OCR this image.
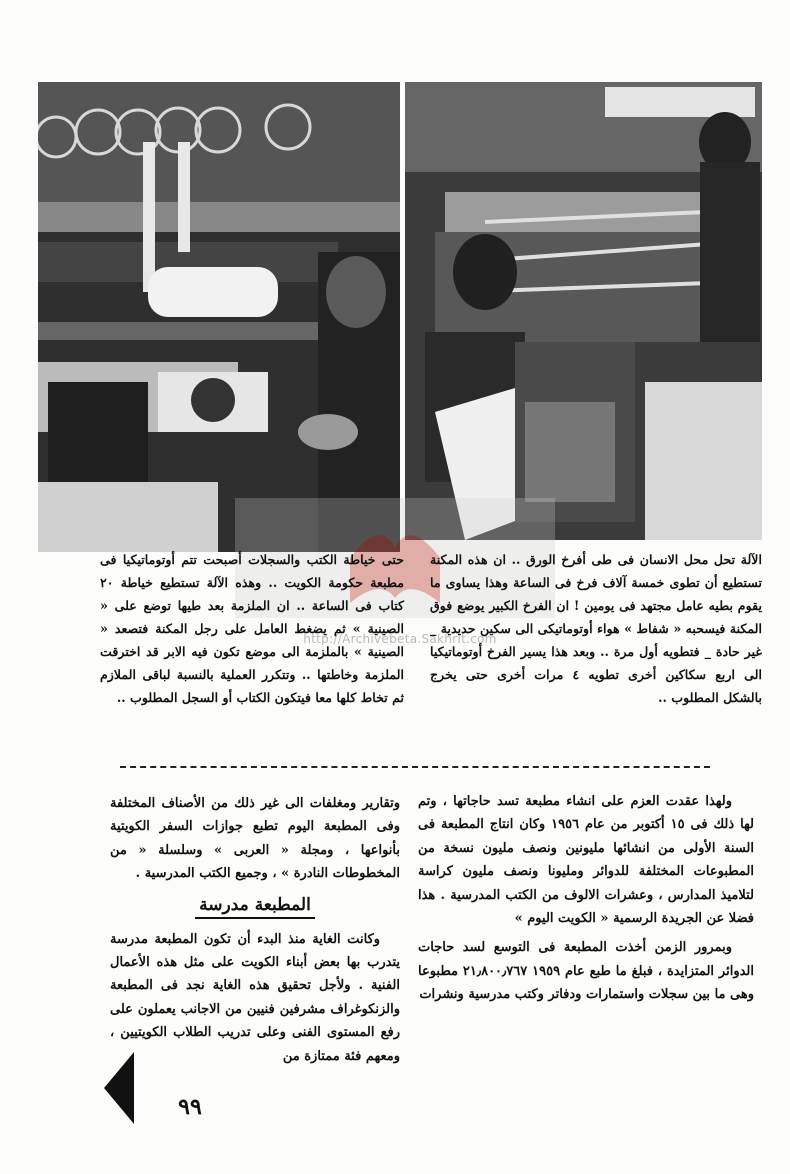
http://Archivebeta.Sakhrit.com

الآلة تحل محل الانسان فى طى أفرخ الورق .. ان هذه المكنة تستطيع أن تطوى خمسة آلاف فرخ فى الساعة وهذا يساوى ما يقوم بطيه عامل مجتهد فى يومين ! ان الفرخ الكبير يوضع فوق المكنة فيسحبه « شفاط » هواء أوتوماتيكى الى سكين حديدية _ غير حادة _ فتطويه أول مرة .. وبعد هذا يسير الفرخ أوتوماتيكيا الى اربع سكاكين أخرى تطويه ٤ مرات أخرى حتى يخرج بالشكل المطلوب ..

حتى خياطة الكتب والسجلات أصبحت تتم أوتوماتيكيا فى مطبعة حكومة الكويت .. وهذه الآلة تستطيع خياطة ٢٠ كتاب فى الساعة .. ان الملزمة بعد طيها توضع على « الصينية » ثم يضغط العامل على رجل المكنة فتصعد « الصينية » بالملزمة الى موضع تكون فيه الابر قد اخترقت الملزمة وخاطتها .. وتتكرر العملية بالنسبة لباقى الملازم ثم تخاط كلها معا فيتكون الكتاب أو السجل المطلوب ..

ولهذا عقدت العزم على انشاء مطبعة تسد حاجاتها ، وتم لها ذلك فى ١٥ أكتوبر من عام ١٩٥٦ وكان انتاج المطبعة فى السنة الأولى من انشائها مليونين ونصف مليون نسخة من المطبوعات المختلفة للدوائر ومليونا ونصف مليون كراسة لتلاميذ المدارس ، وعشرات الالوف من الكتب المدرسية . هذا فضلا عن الجريدة الرسمية « الكويت اليوم »

وبمرور الزمن أخذت المطبعة فى التوسع لسد حاجات الدوائر المتزايدة ، فبلغ ما طبع عام ١٩٥٩ ٢١٫٨٠٠٫٧٦٧ مطبوعا وهى ما بين سجلات واستمارات ودفاتر وكتب مدرسية ونشرات

وتقارير ومغلفات الى غير ذلك من الأصناف المختلفة وفى المطبعة اليوم تطبع جوازات السفر الكويتية بأنواعها ، ومجلة « العربى » وسلسلة « من المخطوطات النادرة » ، وجميع الكتب المدرسية .

المطبعة مدرسة

وكانت الغاية منذ البدء أن تكون المطبعة مدرسة يتدرب بها بعض أبناء الكويت على مثل هذه الأعمال الفنية . ولأجل تحقيق هذه الغاية نجد فى المطبعة والزنكوغراف مشرفين فنيين من الاجانب يعملون على رفع المستوى الفنى وعلى تدريب الطلاب الكويتيين ، ومعهم فئة ممتازة من

٩٩
